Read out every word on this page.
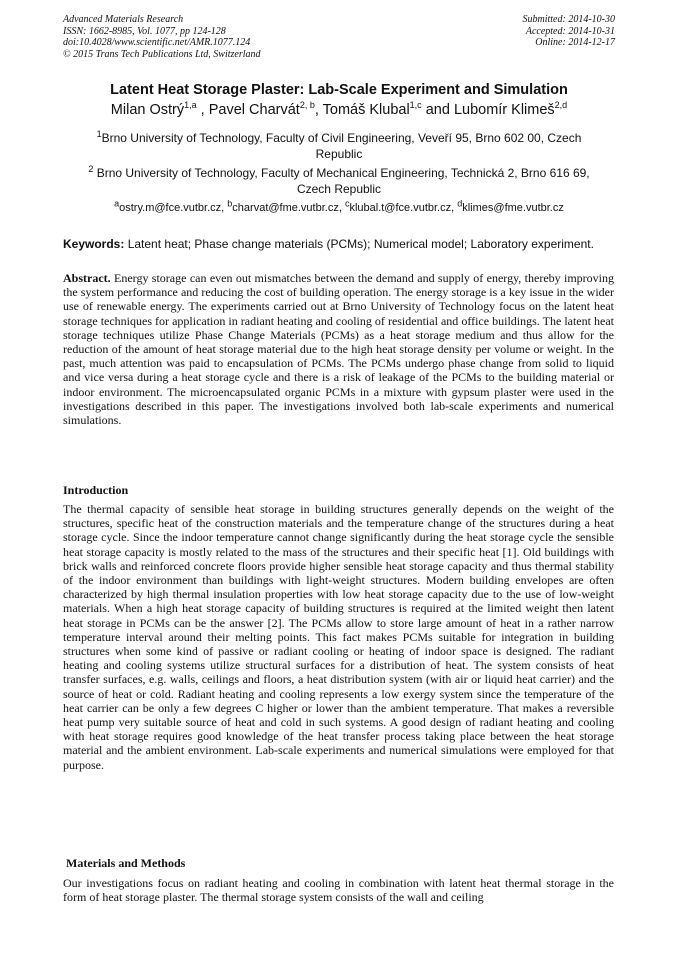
Advanced Materials Research
ISSN: 1662-8985, Vol. 1077, pp 124-128
doi:10.4028/www.scientific.net/AMR.1077.124
© 2015 Trans Tech Publications Ltd, Switzerland
Submitted: 2014-10-30
Accepted: 2014-10-31
Online: 2014-12-17
Latent Heat Storage Plaster: Lab-Scale Experiment and Simulation
Milan Ostrý$^{1,a}$ , Pavel Charvát$^{2, b}$, Tomáš Klubal$^{1,c}$ and Lubomír Klimeš$^{2,d}$
$^1$Brno University of Technology, Faculty of Civil Engineering, Veveří 95, Brno 602 00, Czech Republic
$^2$ Brno University of Technology, Faculty of Mechanical Engineering, Technická 2, Brno 616 69, Czech Republic
$^a$ostry.m@fce.vutbr.cz, $^b$charvat@fme.vutbr.cz, $^c$klubal.t@fce.vutbr.cz, $^d$klimes@fme.vutbr.cz
Keywords: Latent heat; Phase change materials (PCMs); Numerical model; Laboratory experiment.
Abstract. Energy storage can even out mismatches between the demand and supply of energy, thereby improving the system performance and reducing the cost of building operation. The energy storage is a key issue in the wider use of renewable energy. The experiments carried out at Brno University of Technology focus on the latent heat storage techniques for application in radiant heating and cooling of residential and office buildings. The latent heat storage techniques utilize Phase Change Materials (PCMs) as a heat storage medium and thus allow for the reduction of the amount of heat storage material due to the high heat storage density per volume or weight. In the past, much attention was paid to encapsulation of PCMs. The PCMs undergo phase change from solid to liquid and vice versa during a heat storage cycle and there is a risk of leakage of the PCMs to the building material or indoor environment. The microencapsulated organic PCMs in a mixture with gypsum plaster were used in the investigations described in this paper. The investigations involved both lab-scale experiments and numerical simulations.
Introduction
The thermal capacity of sensible heat storage in building structures generally depends on the weight of the structures, specific heat of the construction materials and the temperature change of the structures during a heat storage cycle. Since the indoor temperature cannot change significantly during the heat storage cycle the sensible heat storage capacity is mostly related to the mass of the structures and their specific heat [1]. Old buildings with brick walls and reinforced concrete floors provide higher sensible heat storage capacity and thus thermal stability of the indoor environment than buildings with light-weight structures. Modern building envelopes are often characterized by high thermal insulation properties with low heat storage capacity due to the use of low-weight materials. When a high heat storage capacity of building structures is required at the limited weight then latent heat storage in PCMs can be the answer [2]. The PCMs allow to store large amount of heat in a rather narrow temperature interval around their melting points. This fact makes PCMs suitable for integration in building structures when some kind of passive or radiant cooling or heating of indoor space is designed. The radiant heating and cooling systems utilize structural surfaces for a distribution of heat. The system consists of heat transfer surfaces, e.g. walls, ceilings and floors, a heat distribution system (with air or liquid heat carrier) and the source of heat or cold. Radiant heating and cooling represents a low exergy system since the temperature of the heat carrier can be only a few degrees C higher or lower than the ambient temperature. That makes a reversible heat pump very suitable source of heat and cold in such systems. A good design of radiant heating and cooling with heat storage requires good knowledge of the heat transfer process taking place between the heat storage material and the ambient environment. Lab-scale experiments and numerical simulations were employed for that purpose.
Materials and Methods
Our investigations focus on radiant heating and cooling in combination with latent heat thermal storage in the form of heat storage plaster. The thermal storage system consists of the wall and ceiling
